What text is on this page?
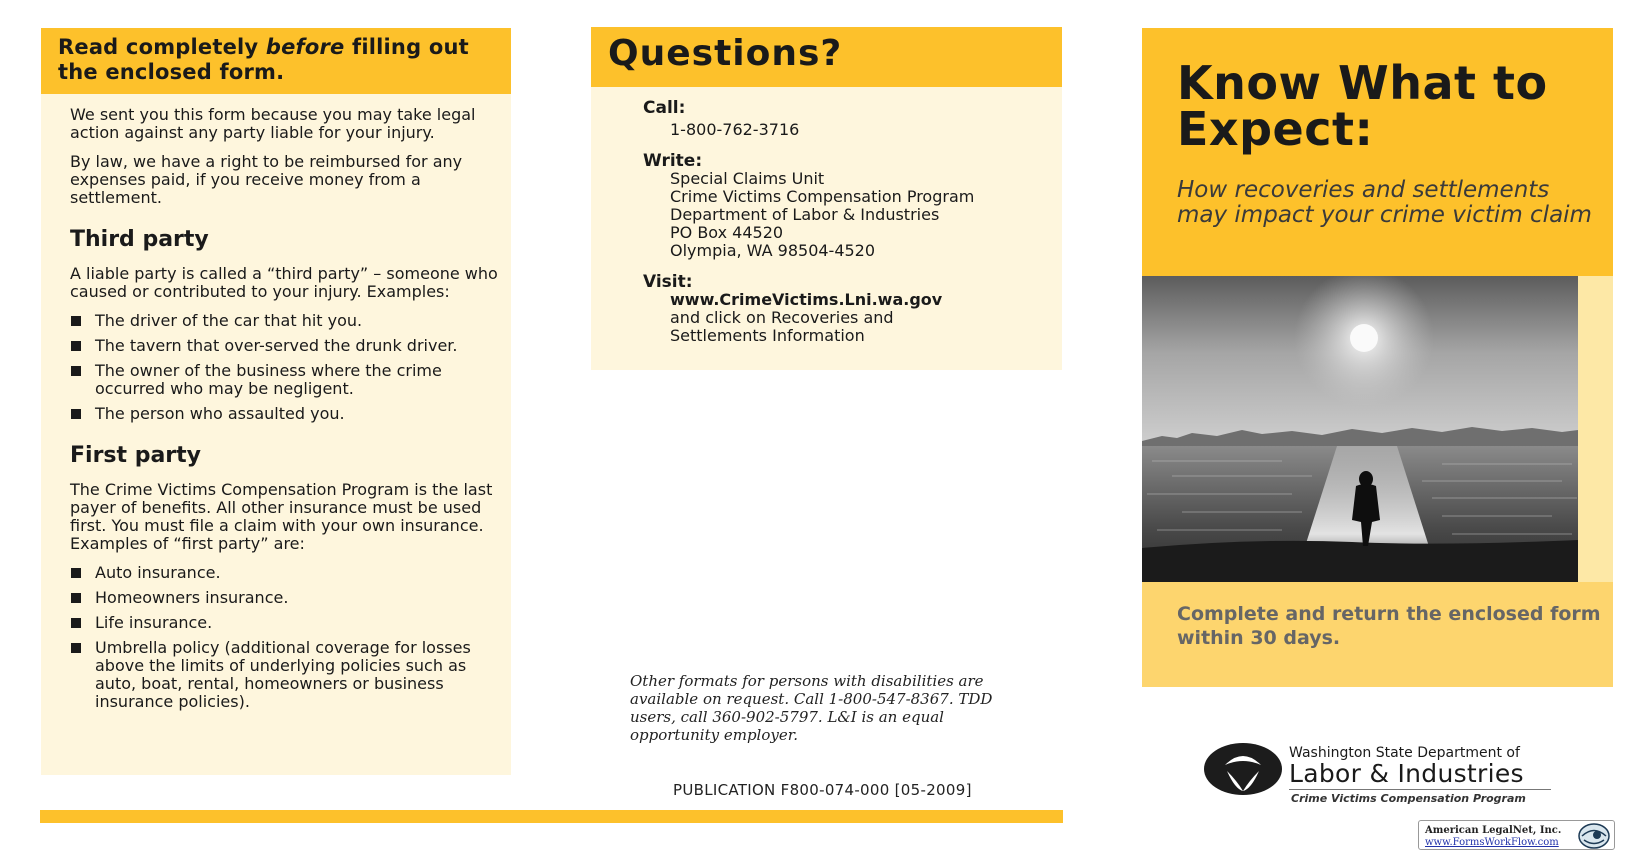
Read completely before filling out the enclosed form.

We sent you this form because you may take legal action against any party liable for your injury.

By law, we have a right to be reimbursed for any expenses paid, if you receive money from a settlement.

Third party

A liable party is called a “third party” – someone who caused or contributed to your injury. Examples:

The driver of the car that hit you.
The tavern that over-served the drunk driver.
The owner of the business where the crime occurred who may be negligent.
The person who assaulted you.
First party

The Crime Victims Compensation Program is the last payer of benefits. All other insurance must be used first. You must file a claim with your own insurance. Examples of “first party” are:

Auto insurance.
Homeowners insurance.
Life insurance.
Umbrella policy (additional coverage for losses above the limits of underlying policies such as auto, boat, rental, homeowners or business insurance policies).
Questions?
Call:
1-800-762-3716
Write:
Special Claims Unit
Crime Victims Compensation Program
Department of Labor & Industries
PO Box 44520
Olympia, WA 98504-4520
Visit:
www.CrimeVictims.Lni.wa.gov
and click on Recoveries and
Settlements Information

Other formats for persons with disabilities are available on request. Call 1-800-547-8367. TDD users, call 360-902-5797. L&I is an equal opportunity employer.

PUBLICATION F800-074-000 [05-2009]
Know What to Expect:

How recoveries and settlements may impact your crime victim claim

Complete and return the enclosed form within 30 days.
Washington State Department of
Labor & Industries
Crime Victims Compensation Program
American LegalNet, Inc.
www.FormsWorkFlow.com
